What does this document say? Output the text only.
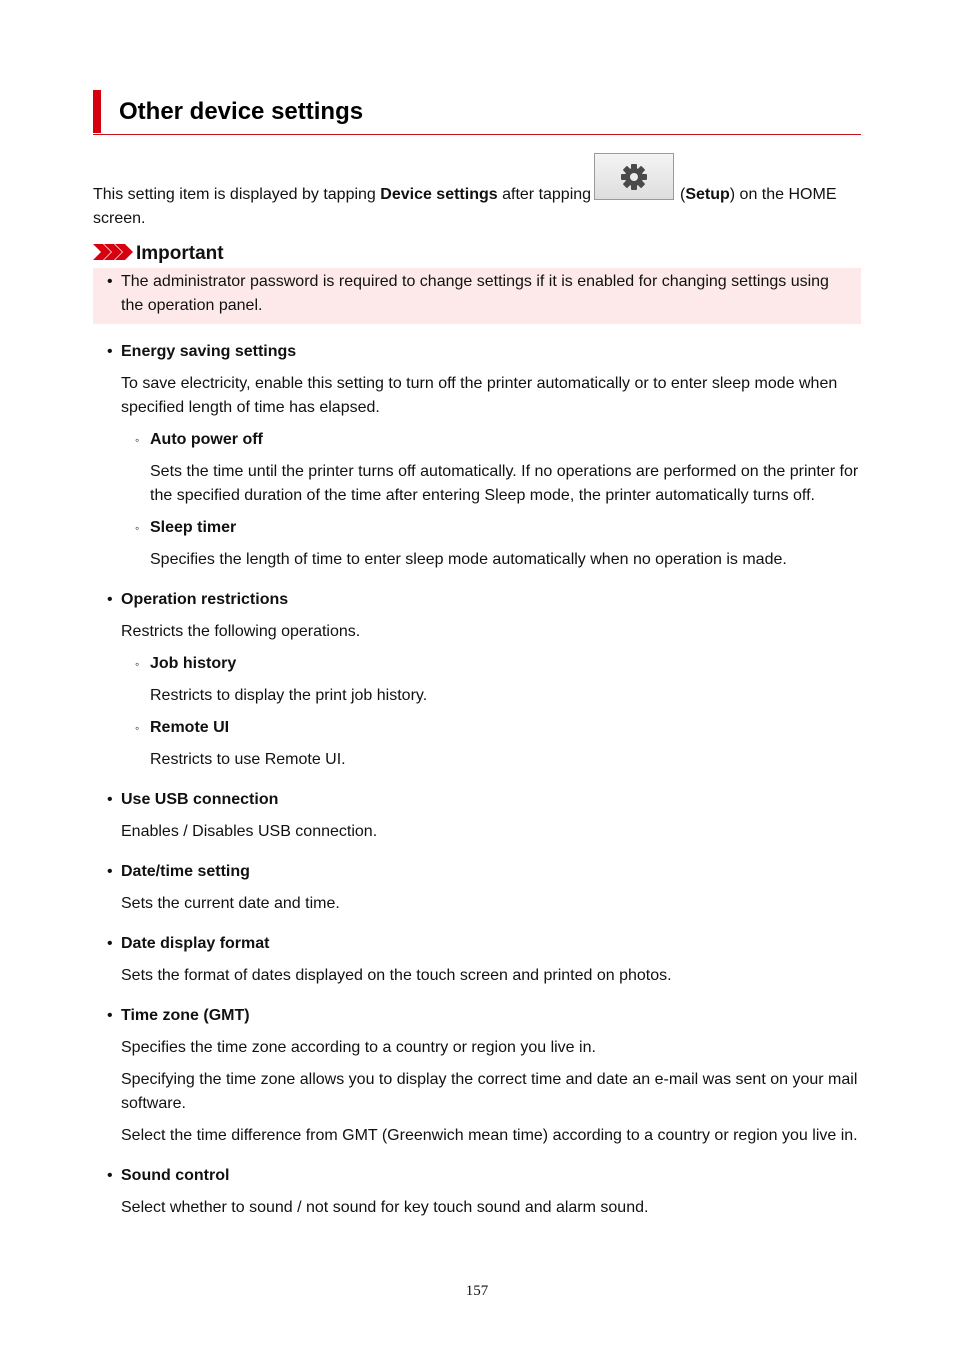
Other device settings
This setting item is displayed by tapping Device settings after tapping	(Setup) on the HOME
screen.
Important
• The administrator password is required to change settings if it is enabled for changing settings using the operation panel.
• Energy saving settings

To save electricity, enable this setting to turn off the printer automatically or to enter sleep mode when specified length of time has elapsed.

◦ Auto power off
Sets the time until the printer turns off automatically. If no operations are performed on the printer for the specified duration of the time after entering Sleep mode, the printer automatically turns off.
◦ Sleep timer
Specifies the length of time to enter sleep mode automatically when no operation is made.
• Operation restrictions

Restricts the following operations.

◦ Job history
Restricts to display the print job history.
◦ Remote UI
Restricts to use Remote UI.
• Use USB connection

Enables / Disables USB connection.

• Date/time setting

Sets the current date and time.

• Date display format

Sets the format of dates displayed on the touch screen and printed on photos.

• Time zone (GMT)

Specifies the time zone according to a country or region you live in.

Specifying the time zone allows you to display the correct time and date an e-mail was sent on your mail software.

Select the time difference from GMT (Greenwich mean time) according to a country or region you live in.

• Sound control

Select whether to sound / not sound for key touch sound and alarm sound.

157
